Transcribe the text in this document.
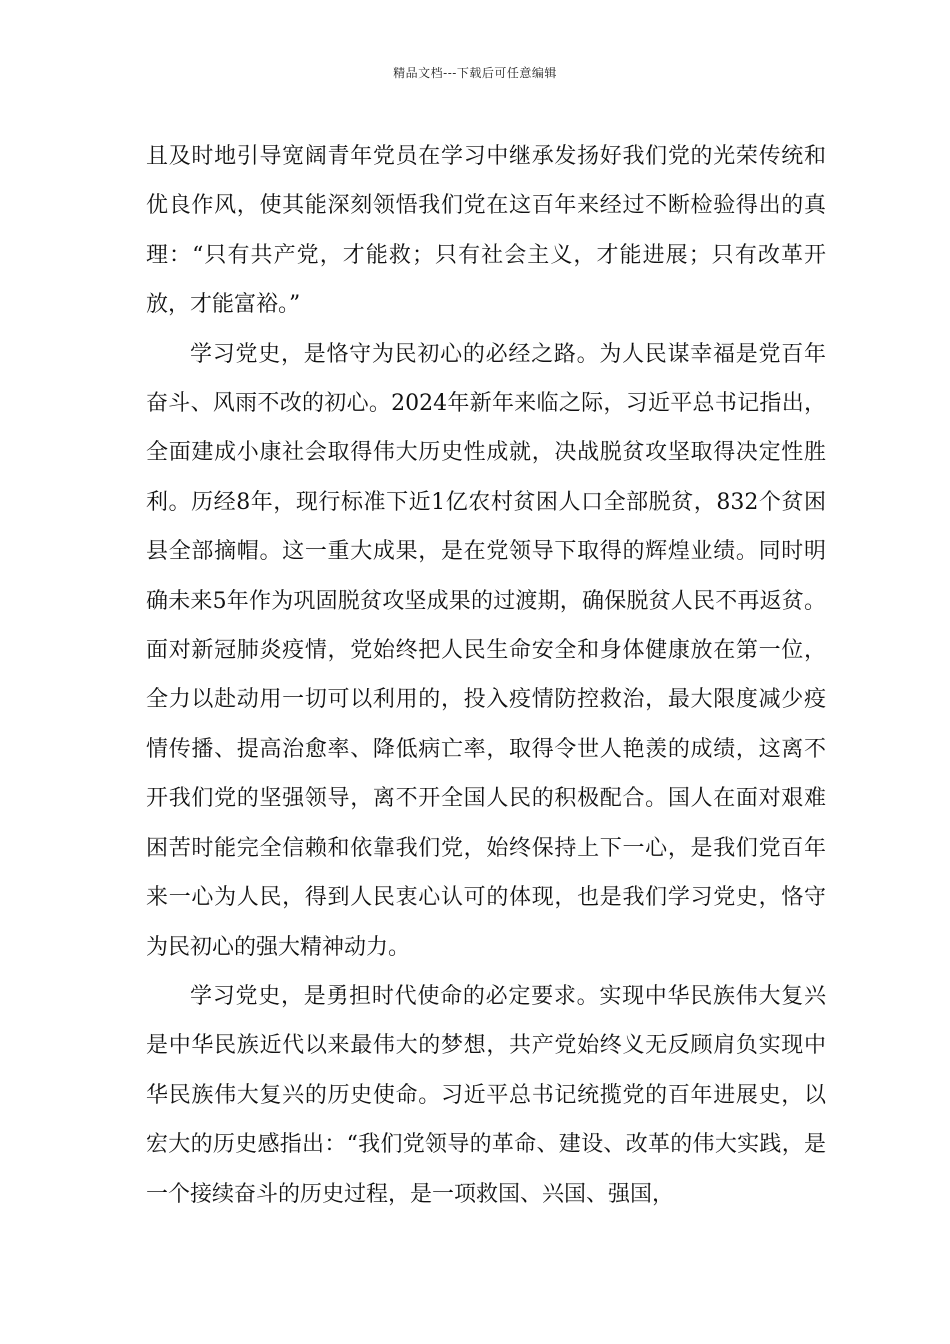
精品文档---下载后可任意编辑

且及时地引导宽阔青年党员在学习中继承发扬好我们党的光荣传统和优良作风，使其能深刻领悟我们党在这百年来经过不断检验得出的真理：“只有共产党，才能救；只有社会主义，才能进展；只有改革开放，才能富裕。”

学习党史，是恪守为民初心的必经之路。为人民谋幸福是党百年奋斗、风雨不改的初心。2024年新年来临之际，习近平总书记指出，全面建成小康社会取得伟大历史性成就，决战脱贫攻坚取得决定性胜利。历经8年，现行标准下近1亿农村贫困人口全部脱贫，832个贫困县全部摘帽。这一重大成果，是在党领导下取得的辉煌业绩。同时明确未来5年作为巩固脱贫攻坚成果的过渡期，确保脱贫人民不再返贫。面对新冠肺炎疫情，党始终把人民生命安全和身体健康放在第一位，全力以赴动用一切可以利用的，投入疫情防控救治，最大限度减少疫情传播、提高治愈率、降低病亡率，取得令世人艳羡的成绩，这离不开我们党的坚强领导，离不开全国人民的积极配合。国人在面对艰难困苦时能完全信赖和依靠我们党，始终保持上下一心，是我们党百年来一心为人民，得到人民衷心认可的体现，也是我们学习党史，恪守为民初心的强大精神动力。

学习党史，是勇担时代使命的必定要求。实现中华民族伟大复兴是中华民族近代以来最伟大的梦想，共产党始终义无反顾肩负实现中华民族伟大复兴的历史使命。习近平总书记统揽党的百年进展史，以宏大的历史感指出：“我们党领导的革命、建设、改革的伟大实践，是一个接续奋斗的历史过程，是一项救国、兴国、强国，
